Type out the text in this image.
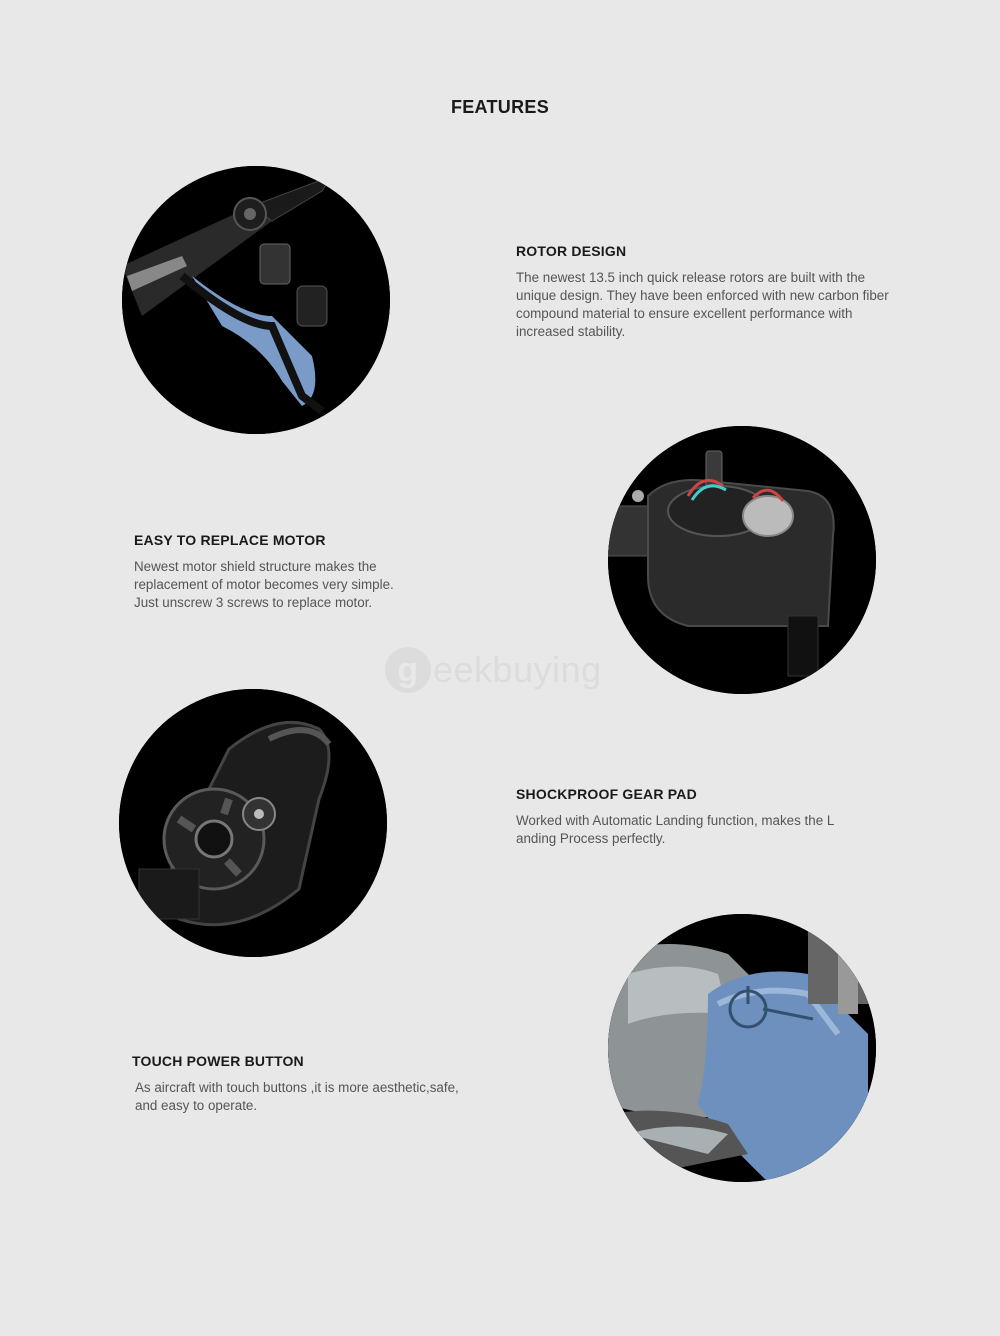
FEATURES
ROTOR DESIGN

The newest 13.5 inch quick release rotors are built with the
unique design. They have been enforced with new carbon fiber
compound material to ensure excellent performance with
increased stability.

EASY TO REPLACE MOTOR

Newest motor shield structure makes the
replacement of motor becomes very simple.
Just unscrew 3 screws to replace motor.

g eekbuying
SHOCKPROOF GEAR PAD

Worked with Automatic Landing function, makes the L
anding Process perfectly.

TOUCH POWER BUTTON

As aircraft with touch buttons ,it is more aesthetic,safe,
and easy to operate.
